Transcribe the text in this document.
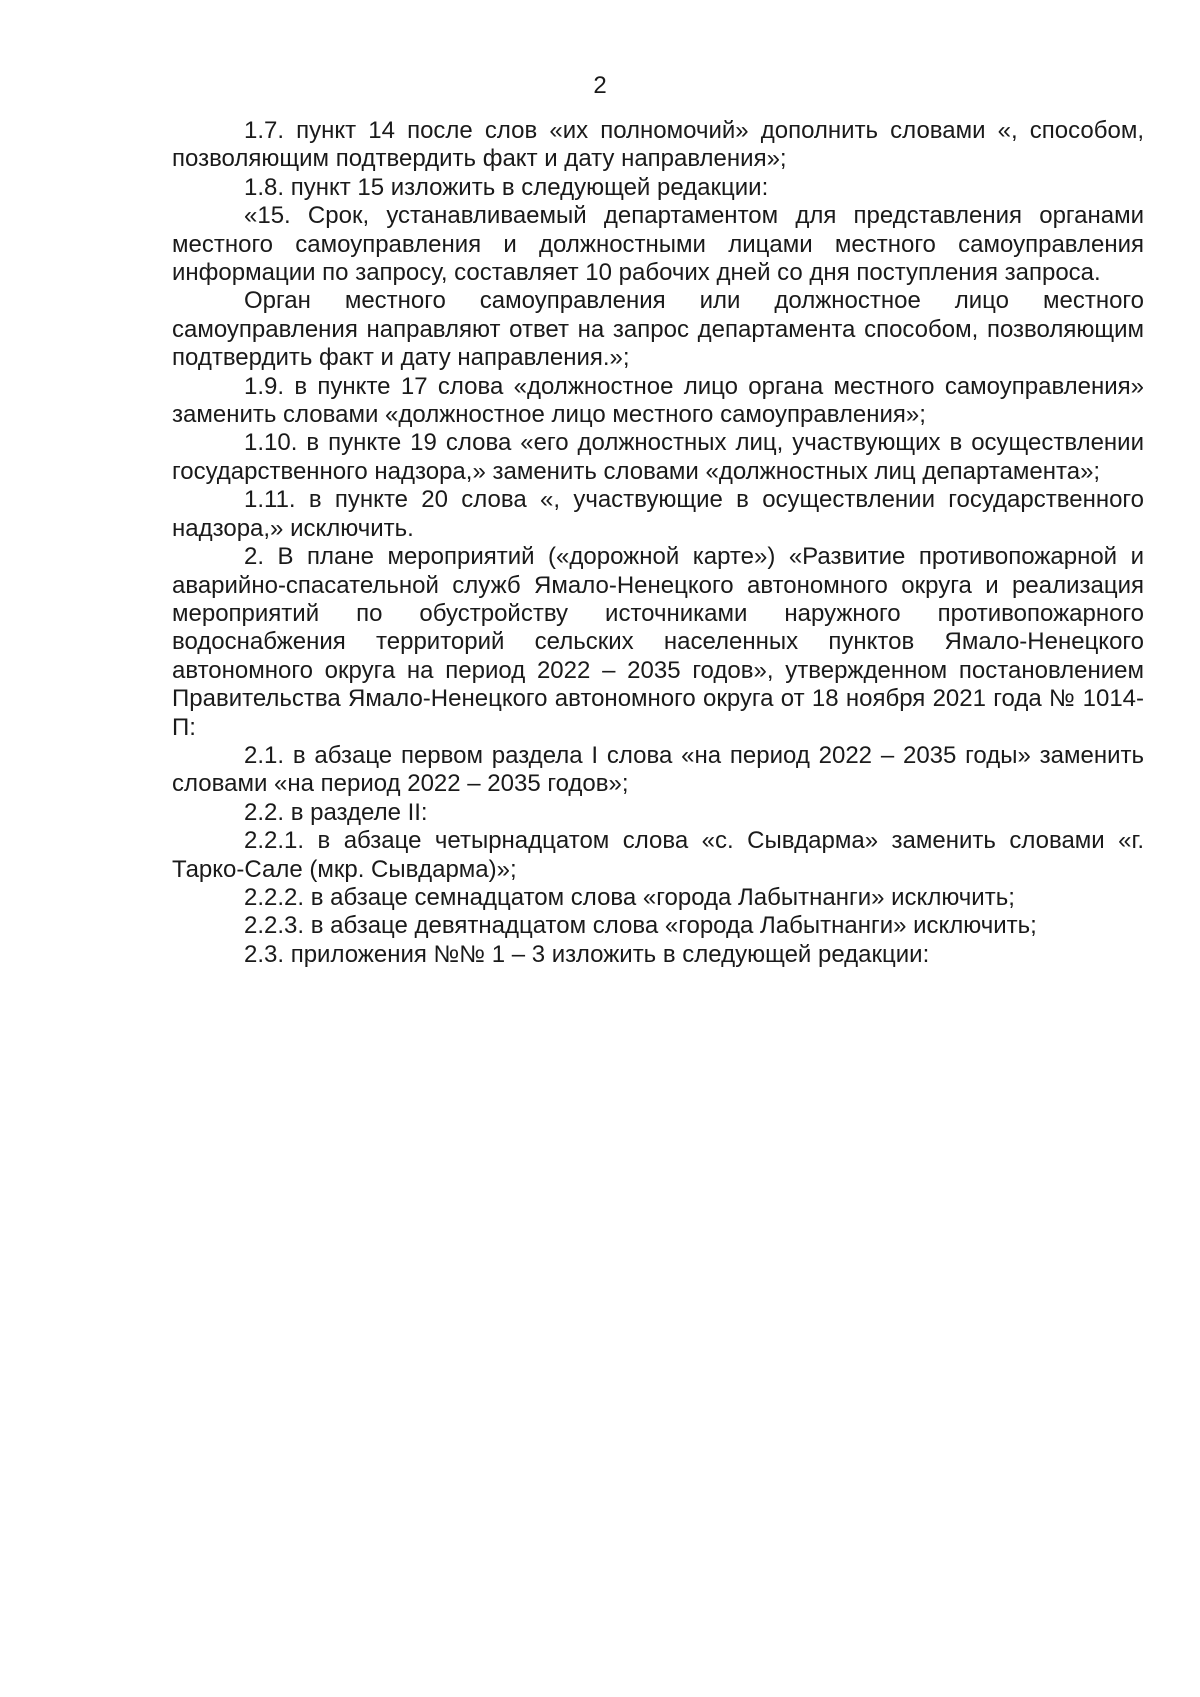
2

1.7. пункт 14 после слов «их полномочий» дополнить словами «, способом, позволяющим подтвердить факт и дату направления»;

1.8. пункт 15 изложить в следующей редакции:

«15. Срок, устанавливаемый департаментом для представления органами местного самоуправления и должностными лицами местного самоуправления информации по запросу, составляет 10 рабочих дней со дня поступления запроса.

Орган местного самоуправления или должностное лицо местного самоуправления направляют ответ на запрос департамента способом, позволяющим подтвердить факт и дату направления.»;

1.9. в пункте 17 слова «должностное лицо органа местного самоуправления» заменить словами «должностное лицо местного самоуправления»;

1.10. в пункте 19 слова «его должностных лиц, участвующих в осуществлении государственного надзора,» заменить словами «должностных лиц департамента»;

1.11. в пункте 20 слова «, участвующие в осуществлении государственного надзора,» исключить.

2. В плане мероприятий («дорожной карте») «Развитие противопожарной и аварийно-спасательной служб Ямало-Ненецкого автономного округа и реализация мероприятий по обустройству источниками наружного противопожарного водоснабжения территорий сельских населенных пунктов Ямало-Ненецкого автономного округа на период 2022 – 2035 годов», утвержденном постановлением Правительства Ямало-Ненецкого автономного округа от 18 ноября 2021 года № 1014-П:

2.1. в абзаце первом раздела I слова «на период 2022 – 2035 годы» заменить словами «на период 2022 – 2035 годов»;

2.2. в разделе II:

2.2.1. в абзаце четырнадцатом слова «с. Сывдарма» заменить словами «г. Тарко-Сале (мкр. Сывдарма)»;

2.2.2. в абзаце семнадцатом слова «города Лабытнанги» исключить;

2.2.3. в абзаце девятнадцатом слова «города Лабытнанги» исключить;

2.3. приложения №№ 1 – 3 изложить в следующей редакции:
